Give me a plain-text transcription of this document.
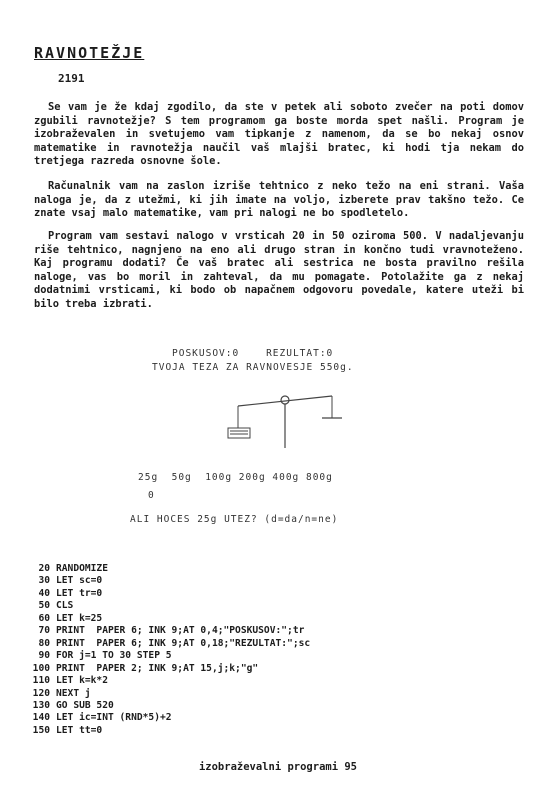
RAVNOTEŽJE
2191

Se vam je že kdaj zgodilo, da ste v petek ali soboto zvečer na poti domov zgubili ravnotežje? S tem programom ga boste morda spet našli. Program je izobraževalen in svetujemo vam tipkanje z namenom, da se bo nekaj osnov matematike in ravnotežja naučil vaš mlajši bratec, ki hodi tja nekam do tretjega razreda osnovne šole.

Računalnik vam na zaslon izriše tehtnico z neko težo na eni strani. Vaša naloga je, da z utežmi, ki jih imate na voljo, izberete prav takšno težo. Ce znate vsaj malo matematike, vam pri nalogi ne bo spodletelo.

Program vam sestavi nalogo v vrsticah 20 in 50 oziroma 500. V nadaljevanju riše tehtnico, nagnjeno na eno ali drugo stran in končno tudi vravnoteženo. Kaj programu dodati? Če vaš bratec ali sestrica ne bosta pravilno rešila naloge, vas bo moril in zahteval, da mu pomagate. Potolažite ga z nekaj dodatnimi vrsticami, ki bodo ob napačnem odgovoru povedale, katere uteži bi bilo treba izbrati.

POSKUSOV:0    REZULTAT:0
TVOJA TEZA ZA RAVNOVESJE 550g.
25g  50g  100g 200g 400g 800g
0
ALI HOCES 25g UTEZ? (d=da/n=ne)
20 RANDOMIZE
30 LET sc=0
40 LET tr=0
50 CLS
60 LET k=25
70 PRINT  PAPER 6; INK 9;AT 0,4;"POSKUSOV:";tr
80 PRINT  PAPER 6; INK 9;AT 0,18;"REZULTAT:";sc
90 FOR j=1 TO 30 STEP 5
100 PRINT  PAPER 2; INK 9;AT 15,j;k;"g"
110 LET k=k*2
120 NEXT j
130 GO SUB 520
140 LET ic=INT (RND*5)+2
150 LET tt=0
izobraževalni programi 95
